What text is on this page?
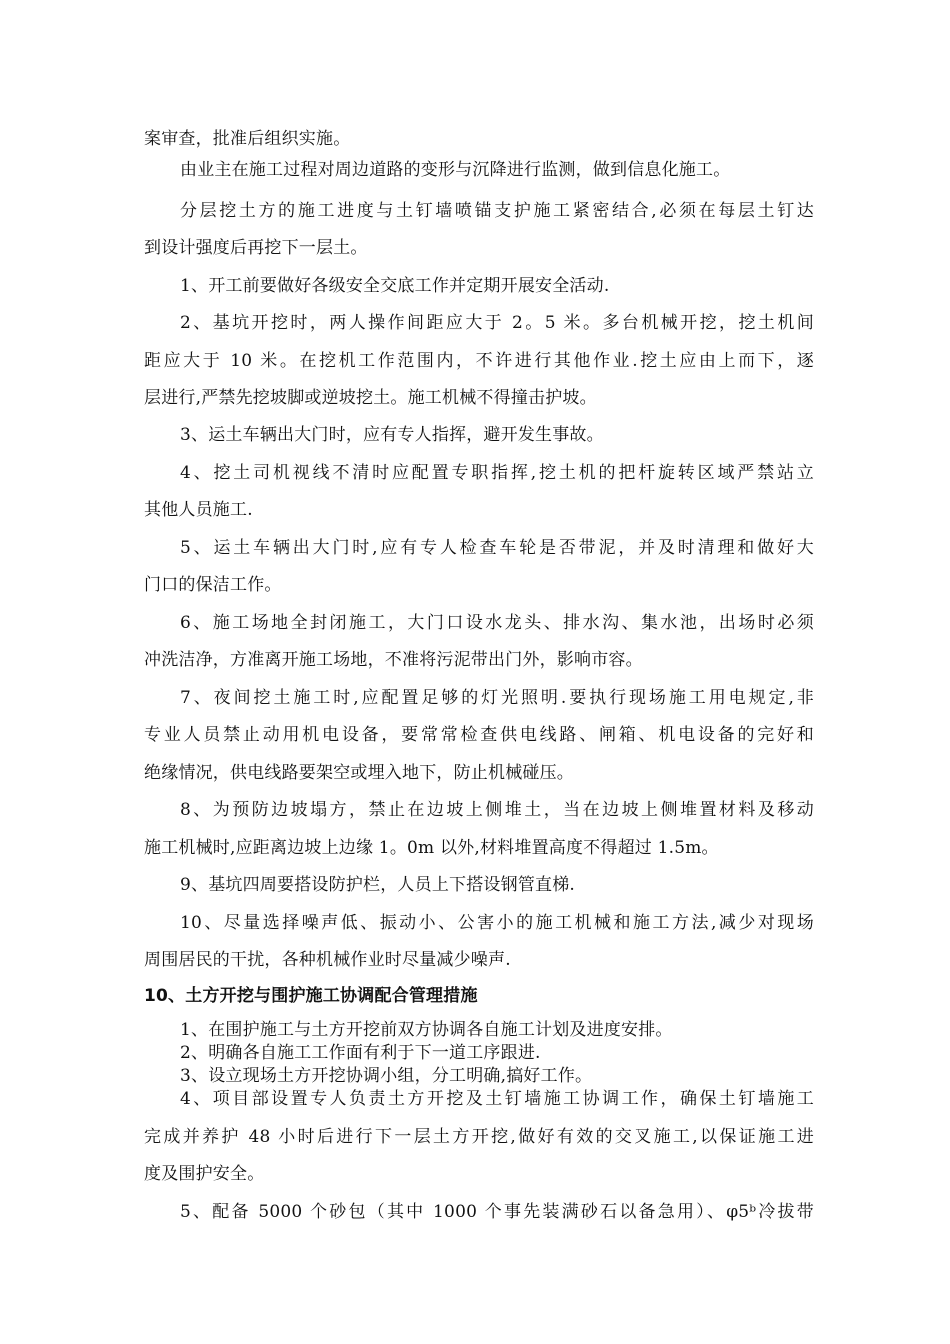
案审查，批准后组织实施。
由业主在施工过程对周边道路的变形与沉降进行监测，做到信息化施工。
分层挖土方的施工进度与土钉墙喷锚支护施工紧密结合,必须在每层土钉达
到设计强度后再挖下一层土。
1、开工前要做好各级安全交底工作并定期开展安全活动.
2、基坑开挖时，两人操作间距应大于 2。5 米。多台机械开挖，挖土机间
距应大于 10 米。在挖机工作范围内，不许进行其他作业.挖土应由上而下，逐
层进行,严禁先挖坡脚或逆坡挖土。施工机械不得撞击护坡。
3、运土车辆出大门时，应有专人指挥，避开发生事故。
4、挖土司机视线不清时应配置专职指挥,挖土机的把杆旋转区域严禁站立
其他人员施工.
5、运土车辆出大门时,应有专人检查车轮是否带泥，并及时清理和做好大
门口的保洁工作。
6、施工场地全封闭施工，大门口设水龙头、排水沟、集水池，出场时必须
冲洗洁净，方准离开施工场地，不准将污泥带出门外，影响市容。
7、夜间挖土施工时,应配置足够的灯光照明.要执行现场施工用电规定,非
专业人员禁止动用机电设备，要常常检查供电线路、闸箱、机电设备的完好和
绝缘情况，供电线路要架空或埋入地下，防止机械碰压。
8、为预防边坡塌方，禁止在边坡上侧堆土，当在边坡上侧堆置材料及移动
施工机械时,应距离边坡上边缘 1。0m 以外,材料堆置高度不得超过 1.5m。
9、基坑四周要搭设防护栏，人员上下搭设钢管直梯.
10、尽量选择噪声低、振动小、公害小的施工机械和施工方法,减少对现场
周围居民的干扰，各种机械作业时尽量减少噪声.
10、土方开挖与围护施工协调配合管理措施
1、在围护施工与土方开挖前双方协调各自施工计划及进度安排。
2、明确各自施工工作面有利于下一道工序跟进.
3、设立现场土方开挖协调小组，分工明确,搞好工作。
4、项目部设置专人负责土方开挖及土钉墙施工协调工作，确保土钉墙施工
完成并养护 48 小时后进行下一层土方开挖,做好有效的交叉施工,以保证施工进
度及围护安全。
5、配备 5000 个砂包（其中 1000 个事先装满砂石以备急用）、φ5ᵇ冷拔带
